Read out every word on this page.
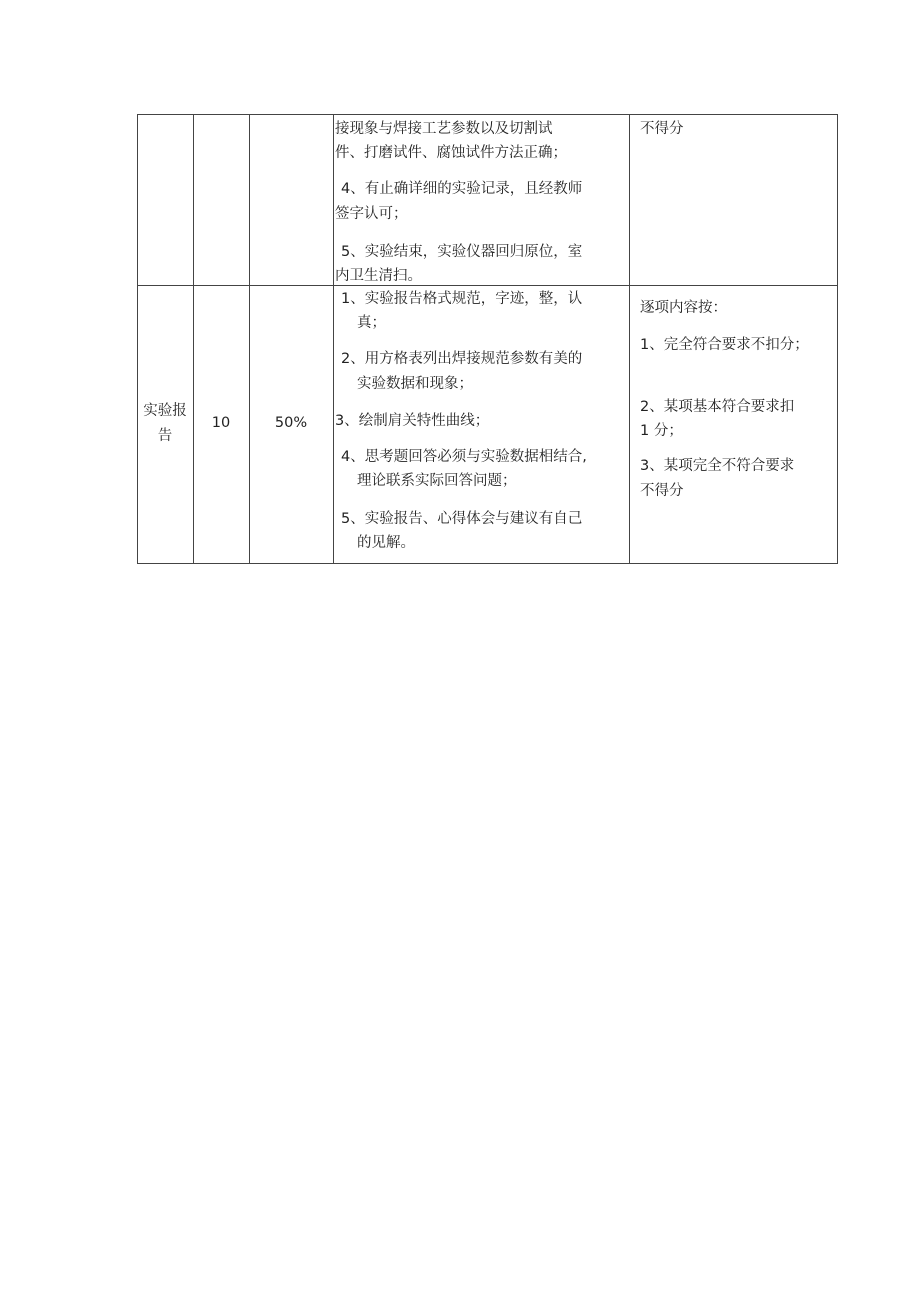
接现象与焊接工艺参数以及切割试
件、打磨试件、腐蚀试件方法正确；
4、有止确详细的实验记录，且经教师
签字认可；
5、实验结束，实验仪器回归原位，室
内卫生清扫。
不得分
实验报
告
10	50%
1、实验报告格式规范，字迹，整，认
真；
2、用方格表列出焊接规范参数有美的
实验数据和现象；
3、绘制肩关特性曲线；
4、思考题回答必须与实验数据相结合,
理论联系实际回答问题；
5、实验报告、心得体会与建议有自己
的见解。
逐项内容按：
1、完全符合要求不扣分；
2、某项基本符合要求扣
1 分；
3、某项完全不符合要求
不得分
